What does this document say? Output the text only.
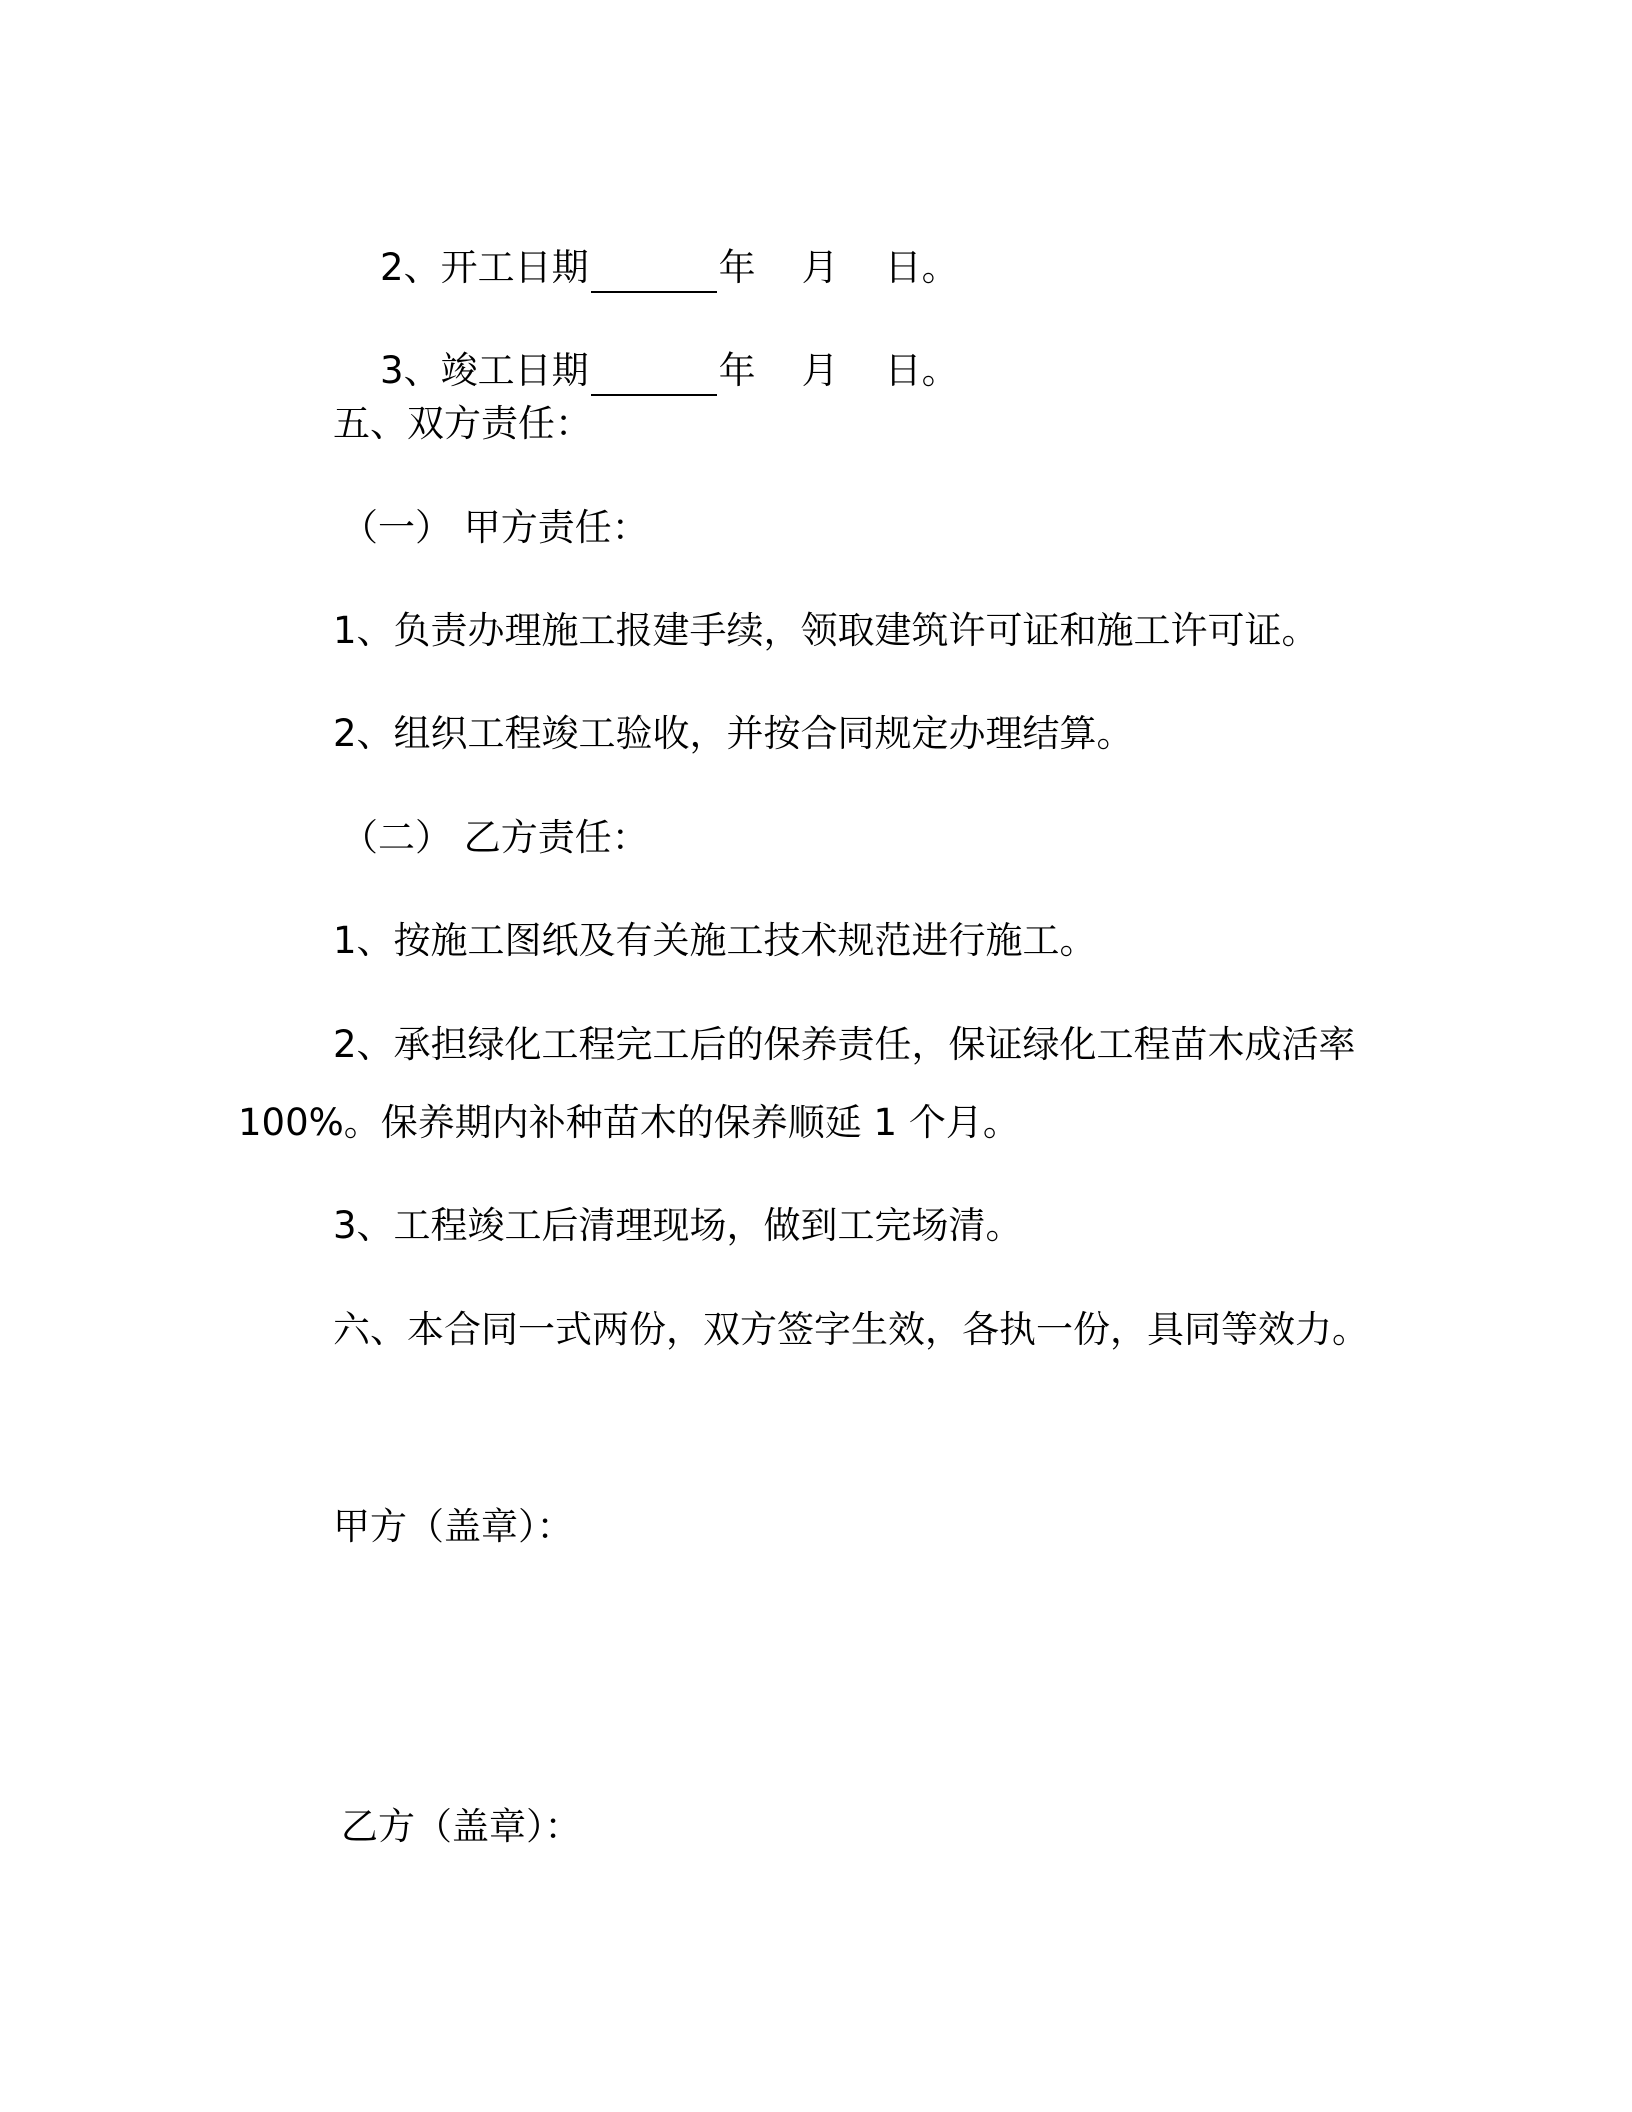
2、开工日期	年 月 日。

3、竣工日期	年 月 日。

五、双方责任：
（一） 甲方责任：
1、负责办理施工报建手续，领取建筑许可证和施工许可证。
2、组织工程竣工验收，并按合同规定办理结算。
（二） 乙方责任：
1、按施工图纸及有关施工技术规范进行施工。
2、承担绿化工程完工后的保养责任，保证绿化工程苗木成活率
100%。保养期内补种苗木的保养顺延 1 个月。
3、工程竣工后清理现场，做到工完场清。
六、本合同一式两份，双方签字生效，各执一份，具同等效力。
甲方（盖章）：
乙方（盖章）：
